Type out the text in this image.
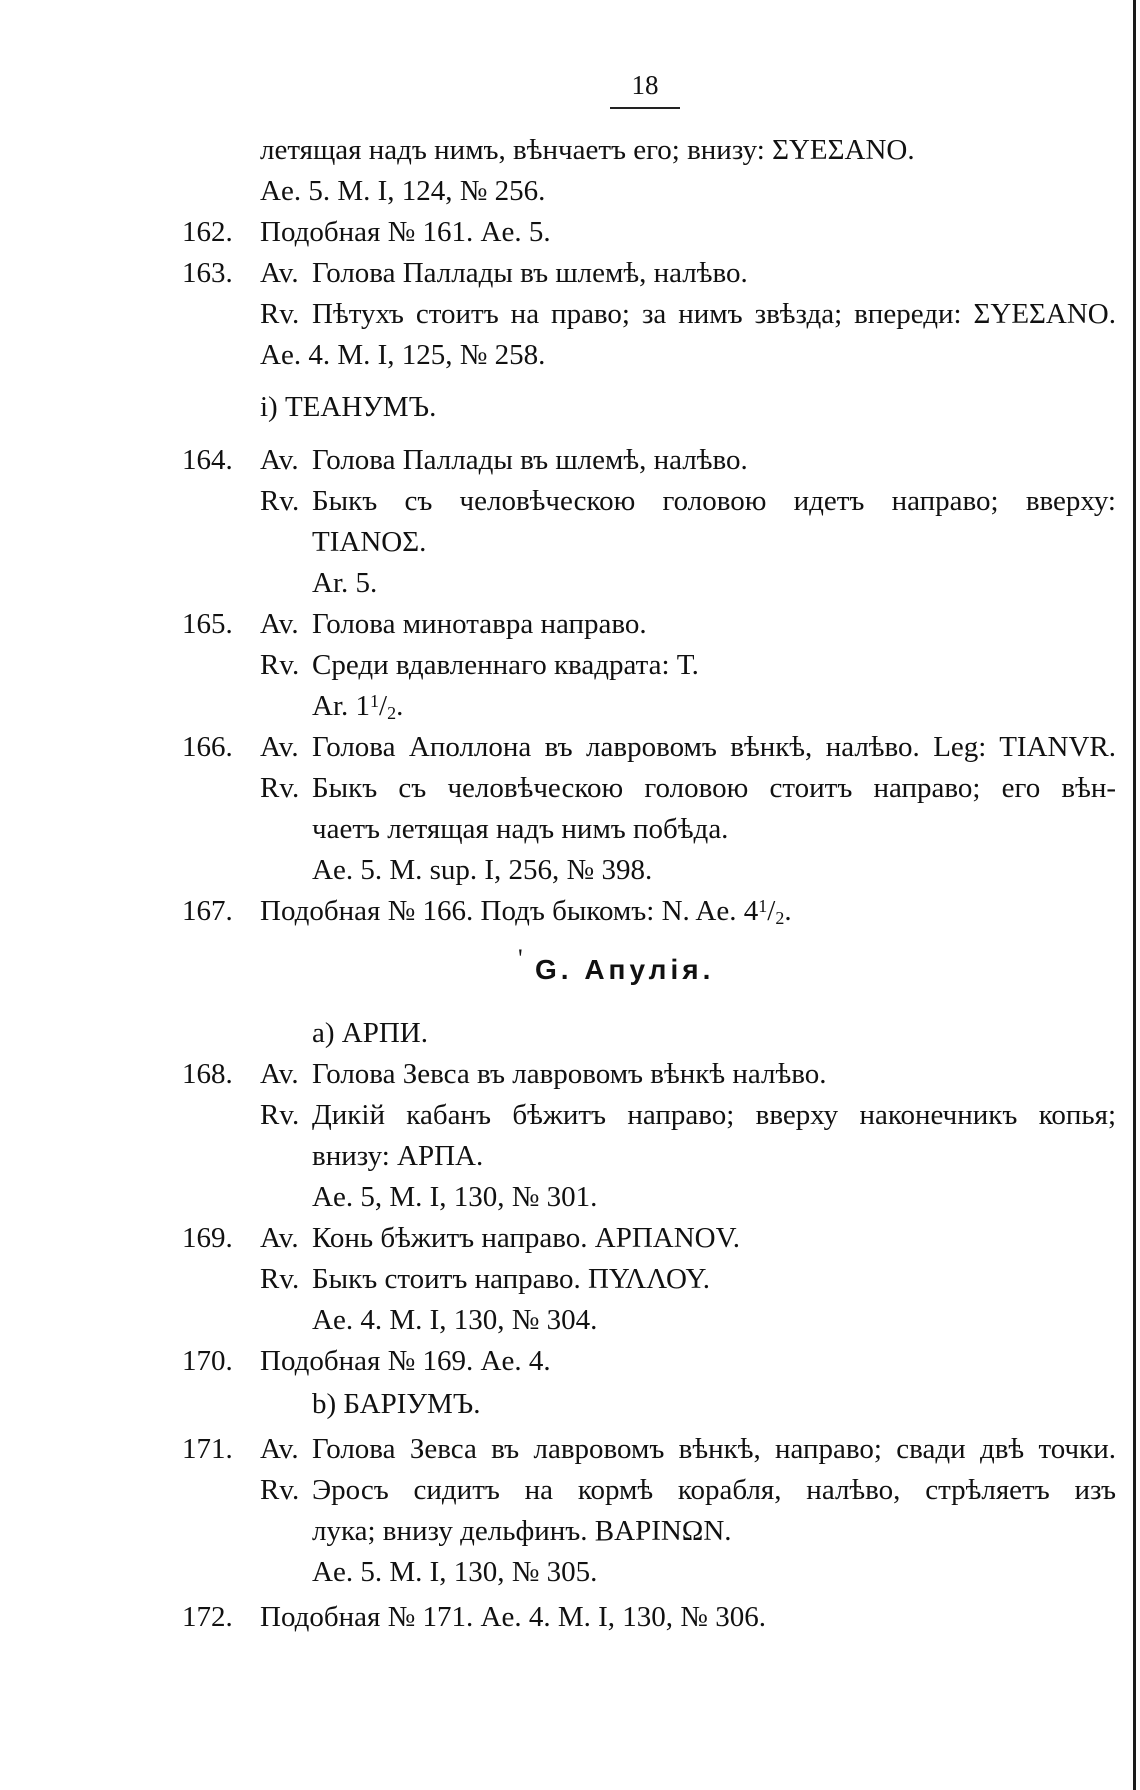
18
летящая надъ нимъ, вѣнчаетъ его; внизу: ΣΥΕΣΑΝΟ.
Ae. 5. M. I, 124, № 256.
162. Подобная № 161. Ae. 5.
163. Av. Голова Паллады въ шлемѣ, налѣво.
Rv. Пѣтухъ стоитъ на право; за нимъ звѣзда; впереди: ΣΥΕΣΑΝΟ.
Ae. 4. M. I, 125, № 258.
i) ТЕАНУМЪ.
164. Av. Голова Паллады въ шлемѣ, налѣво.
Rv. Быкъ съ человѣческою головою идетъ направо; вверху:
ΤΙΑΝΟΣ.
Ar. 5.
165. Av. Голова минотавра направо.
Rv. Среди вдавленнаго квадрата: Т.
Ar. $1^1/_2$.
166. Av. Голова Аполлона въ лавровомъ вѣнкѣ, налѣво. Leg: TIANVR.
Rv. Быкъ съ человѣческою головою стоитъ направо; его вѣн-
чаетъ летящая надъ нимъ побѣда.
Ae. 5. M. sup. I, 256, № 398.
167. Подобная № 166. Подъ быкомъ: N. Ae. $4^1/_2$.
' G. Апулія.
a) АРПИ.
168. Av. Голова Зевса въ лавровомъ вѣнкѣ налѣво.
Rv. Дикій кабанъ бѣжитъ направо; вверху наконечникъ копья;
внизу: АРПА.
Ae. 5, M. I, 130, № 301.
169. Av. Конь бѣжитъ направо. ΑΡΠΑΝΟV.
Rv. Быкъ стоитъ направо. ΠΥΛΛΟΥ.
Ae. 4. M. I, 130, № 304.
170. Подобная № 169. Ae. 4.
b) БАРІУМЪ.
171. Av. Голова Зевса въ лавровомъ вѣнкѣ, направо; свади двѣ точки.
Rv. Эросъ сидитъ на кормѣ корабля, налѣво, стрѣляетъ изъ
лука; внизу дельфинъ. ΒΑΡΙΝΩΝ.
Ae. 5. M. I, 130, № 305.
172. Подобная № 171. Ae. 4. M. I, 130, № 306.
